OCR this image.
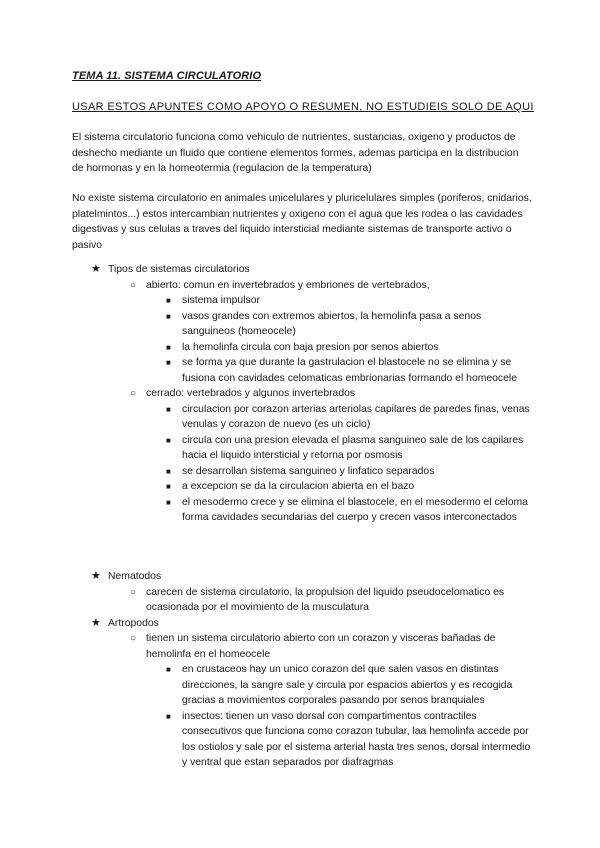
TEMA 11. SISTEMA CIRCULATORIO
USAR ESTOS APUNTES COMO APOYO O RESUMEN, NO ESTUDIEIS SOLO DE AQUI

El sistema circulatorio funciona como vehiculo de nutrientes, sustancias, oxigeno y productos de deshecho mediante un fluido que contiene elementos formes, ademas participa en la distribucion de hormonas y en la homeotermia (regulacion de la temperatura)

No existe sistema circulatorio en animales unicelulares y pluricelulares simples (poriferos, cnidarios, platelmintos...) estos intercambian nutrientes y oxigeno con el agua que les rodea o las cavidades digestivas y sus celulas a traves del liquido intersticial mediante sistemas de transporte activo o pasivo

★ Tipos de sistemas circulatorios
○ abierto: comun en invertebrados y embriones de vertebrados,
■ sistema impulsor
■ vasos grandes con extremos abiertos, la hemolinfa pasa a senos sanguineos (homeocele)
■ la hemolinfa circula con baja presion por senos abiertos
■ se forma ya que durante la gastrulacion el blastocele no se elimina y se fusiona con cavidades celomaticas embrionarias formando el homeocele
○ cerrado: vertebrados y algunos invertebrados
■ circulacion por corazon arterias arteriolas capilares de paredes finas, venas venulas y corazon de nuevo (es un ciclo)
■ circula con una presion elevada el plasma sanguineo sale de los capilares hacia el liquido intersticial y retorna por osmosis
■ se desarrollan sistema sanguineo y linfatico separados
■ a excepcion se da la circulacion abierta en el bazo
■ el mesodermo crece y se elimina el blastocele, en el mesodermo el celoma forma cavidades secundarias del cuerpo y crecen vasos interconectados
★ Nematodos
○ carecen de sistema circulatorio, la propulsion del liquido pseudocelomatico es ocasionada por el movimiento de la musculatura
★ Artropodos
○ tienen un sistema circulatorio abierto con un corazon y visceras bañadas de hemolinfa en el homeocele
■ en crustaceos hay un unico corazon del que salen vasos en distintas direcciones, la sangre sale y circula por espacios abiertos y es recogida gracias a movimientos corporales pasando por senos branquiales
■ insectos: tienen un vaso dorsal con compartimentos contractiles consecutivos que funciona como corazon tubular, laa hemolinfa accede por los ostiolos y sale por el sistema arterial hasta tres senos, dorsal intermedio y ventral que estan separados por diafragmas
